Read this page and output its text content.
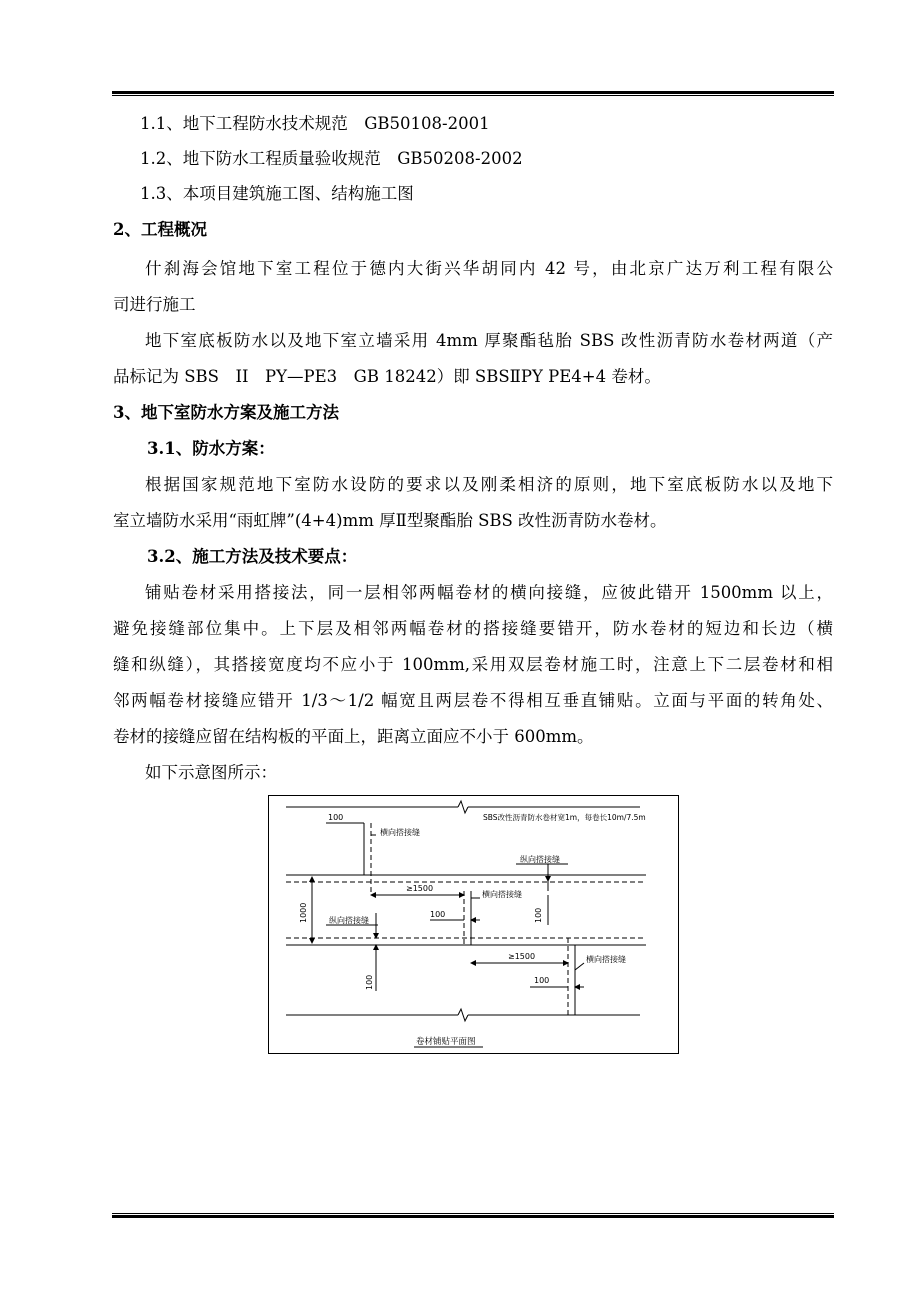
1.1、地下工程防水技术规范　GB50108-2001
1.2、地下防水工程质量验收规范　GB50208-2002
1.3、本项目建筑施工图、结构施工图
2、工程概况
什刹海会馆地下室工程位于德内大街兴华胡同内 42 号，由北京广达万利工程有限公
司进行施工
地下室底板防水以及地下室立墙采用 4mm 厚聚酯毡胎 SBS 改性沥青防水卷材两道（产
品标记为 SBS　II　PY—PE3　GB 18242）即 SBSⅡPY PE4+4 卷材。
3、地下室防水方案及施工方法
3.1、防水方案：
根据国家规范地下室防水设防的要求以及刚柔相济的原则，地下室底板防水以及地下
室立墙防水采用“雨虹牌”(4+4)mm 厚Ⅱ型聚酯胎 SBS 改性沥青防水卷材。
3.2、施工方法及技术要点：
铺贴卷材采用搭接法，同一层相邻两幅卷材的横向接缝，应彼此错开 1500mm 以上，
避免接缝部位集中。上下层及相邻两幅卷材的搭接缝要错开，防水卷材的短边和长边（横
缝和纵缝），其搭接宽度均不应小于 100mm,采用双层卷材施工时，注意上下二层卷材和相
邻两幅卷材接缝应错开 1/3～1/2 幅宽且两层卷不得相互垂直铺贴。立面与平面的转角处、
卷材的接缝应留在结构板的平面上，距离立面应不小于 600mm。
如下示意图所示：
100
横向搭接缝
1000
纵向搭接缝
100
≥1500
横向搭接缝
100
纵向搭接缝
100
≥1500	横向搭接缝
100
SBS改性沥青防水卷材宽1m，每卷长10m/7.5m
卷材铺贴平面图
